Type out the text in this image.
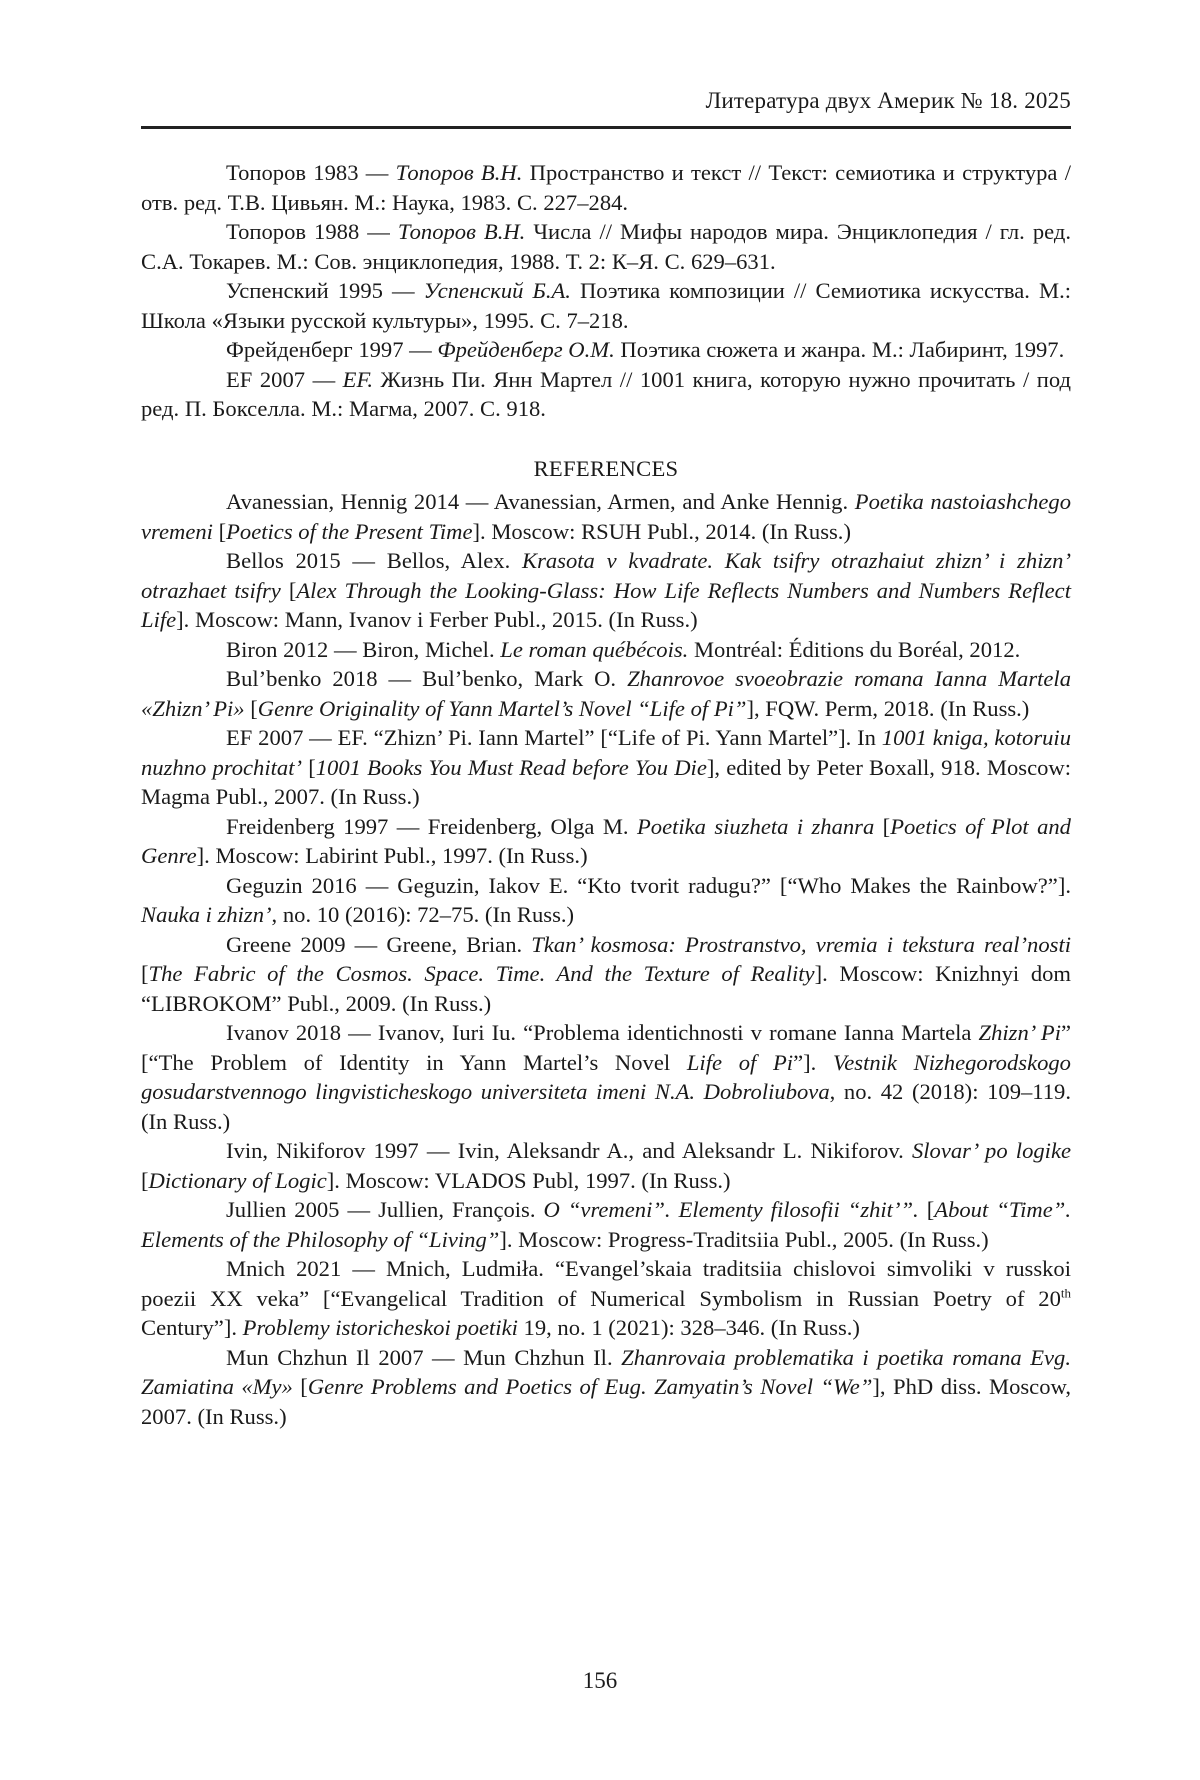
Литература двух Америк № 18. 2025

Топоров 1983 — Топоров В.Н. Пространство и текст // Текст: семиотика и структура / отв. ред. Т.В. Цивьян. М.: Наука, 1983. С. 227–284.

Топоров 1988 — Топоров В.Н. Числа // Мифы народов мира. Энциклопедия / гл. ред. С.А. Токарев. М.: Сов. энциклопедия, 1988. Т. 2: К–Я. С. 629–631.

Успенский 1995 — Успенский Б.А. Поэтика композиции // Семиотика искусства. М.: Школа «Языки русской культуры», 1995. С. 7–218.

Фрейденберг 1997 — Фрейденберг О.М. Поэтика сюжета и жанра. М.: Лабиринт, 1997.

EF 2007 — EF. Жизнь Пи. Янн Мартел // 1001 книга, которую нужно прочитать / под ред. П. Бокселла. М.: Магма, 2007. С. 918.

REFERENCES

Avanessian, Hennig 2014 — Avanessian, Armen, and Anke Hennig. Poetika nastoiashchego vremeni [Poetics of the Present Time]. Moscow: RSUH Publ., 2014. (In Russ.)

Bellos 2015 — Bellos, Alex. Krasota v kvadrate. Kak tsifry otrazhaiut zhizn’ i zhizn’ otrazhaet tsifry [Alex Through the Looking-Glass: How Life Reflects Numbers and Numbers Reflect Life]. Moscow: Mann, Ivanov i Ferber Publ., 2015. (In Russ.)

Biron 2012 — Biron, Michel. Le roman québécois. Montréal: Éditions du Boréal, 2012.

Bul’benko 2018 — Bul’benko, Mark O. Zhanrovoe svoeobrazie romana Ianna Martela «Zhizn’ Pi» [Genre Originality of Yann Martel’s Novel “Life of Pi”], FQW. Perm, 2018. (In Russ.)

EF 2007 — EF. “Zhizn’ Pi. Iann Martel” [“Life of Pi. Yann Martel”]. In 1001 kniga, kotoruiu nuzhno prochitat’ [1001 Books You Must Read before You Die], edited by Peter Boxall, 918. Moscow: Magma Publ., 2007. (In Russ.)

Freidenberg 1997 — Freidenberg, Olga M. Poetika siuzheta i zhanra [Poetics of Plot and Genre]. Moscow: Labirint Publ., 1997. (In Russ.)

Geguzin 2016 — Geguzin, Iakov E. “Kto tvorit radugu?” [“Who Makes the Rainbow?”]. Nauka i zhizn’, no. 10 (2016): 72–75. (In Russ.)

Greene 2009 — Greene, Brian. Tkan’ kosmosa: Prostranstvo, vremia i tekstura real’nosti [The Fabric of the Cosmos. Space. Time. And the Texture of Reality]. Moscow: Knizhnyi dom “LIBROKOM” Publ., 2009. (In Russ.)

Ivanov 2018 — Ivanov, Iuri Iu. “Problema identichnosti v romane Ianna Martela Zhizn’ Pi” [“The Problem of Identity in Yann Martel’s Novel Life of Pi”]. Vestnik Nizhegorodskogo gosudarstvennogo lingvisticheskogo universiteta imeni N.A. Dobroliubova, no. 42 (2018): 109–119. (In Russ.)

Ivin, Nikiforov 1997 — Ivin, Aleksandr A., and Aleksandr L. Nikiforov. Slovar’ po logike [Dictionary of Logic]. Moscow: VLADOS Publ, 1997. (In Russ.)

Jullien 2005 — Jullien, François. O “vremeni”. Elementy filosofii “zhit’”. [About “Time”. Elements of the Philosophy of “Living”]. Moscow: Progress-Traditsiia Publ., 2005. (In Russ.)

Mnich 2021 — Mnich, Ludmiła. “Evangel’skaia traditsiia chislovoi simvoliki v russkoi poezii XX veka” [“Evangelical Tradition of Numerical Symbolism in Russian Poetry of 20th Century”]. Problemy istoricheskoi poetiki 19, no. 1 (2021): 328–346. (In Russ.)

Mun Chzhun Il 2007 — Mun Chzhun Il. Zhanrovaia problematika i poetika romana Evg. Zamiatina «My» [Genre Problems and Poetics of Eug. Zamyatin’s Novel “We”], PhD diss. Moscow, 2007. (In Russ.)

156
